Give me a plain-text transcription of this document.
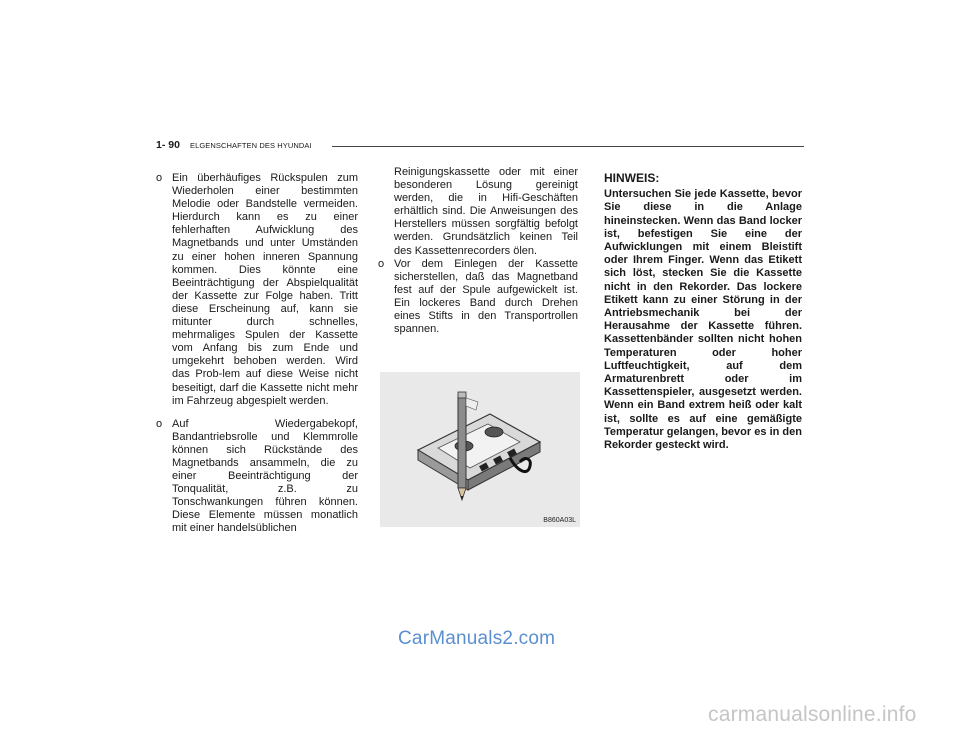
1- 90 ELGENSCHAFTEN DES HYUNDAI
o Ein überhäufiges Rückspulen zum Wiederholen einer bestimmten Melodie oder Bandstelle vermeiden. Hierdurch kann es zu einer fehlerhaften Aufwicklung des Magnetbands und unter Umständen zu einer hohen inneren Spannung kommen. Dies könnte eine Beeinträchtigung der Abspielqualität der Kassette zur Folge haben. Tritt diese Erscheinung auf, kann sie mitunter durch schnelles, mehrmaliges Spulen der Kassette vom Anfang bis zum Ende und umgekehrt behoben werden. Wird das Prob-lem auf diese Weise nicht beseitigt, darf die Kassette nicht mehr im Fahrzeug abgespielt werden.
o Auf Wiedergabekopf, Bandantriebsrolle und Klemmrolle können sich Rückstände des Magnetbands ansammeln, die zu einer Beeinträchtigung der Tonqualität, z.B. zu Tonschwankungen führen können. Diese Elemente müssen monatlich mit einer handelsüblichen

Reinigungskassette oder mit einer besonderen Lösung gereinigt werden, die in Hifi-Geschäften erhältlich sind. Die Anweisungen des Herstellers müssen sorgfältig befolgt werden. Grundsätzlich keinen Teil des Kassettenrecorders ölen.

o Vor dem Einlegen der Kassette sicherstellen, daß das Magnetband fest auf der Spule aufgewickelt ist. Ein lockeres Band durch Drehen eines Stifts in den Transportrollen spannen.
B860A03L

HINWEIS:

Untersuchen Sie jede Kassette, bevor Sie diese in die Anlage hineinstecken. Wenn das Band locker ist, befestigen Sie eine der Aufwicklungen mit einem Bleistift oder Ihrem Finger. Wenn das Etikett sich löst, stecken Sie die Kassette nicht in den Rekorder. Das lockere Etikett kann zu einer Störung in der Antriebsmechanik bei der Herausahme der Kassette führen. Kassettenbänder sollten nicht hohen Temperaturen oder hoher Luftfeuchtigkeit, auf dem Armaturenbrett oder im Kassettenspieler, ausgesetzt werden. Wenn ein Band extrem heiß oder kalt ist, sollte es auf eine gemäßigte Temperatur gelangen, bevor es in den Rekorder gesteckt wird.

CarManuals2.com
carmanualsonline.info
